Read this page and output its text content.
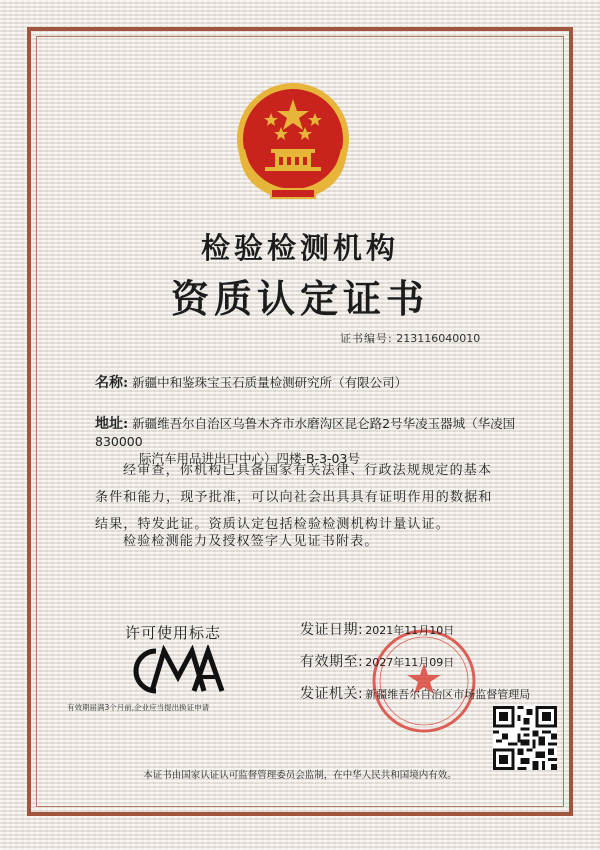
检验检测机构
资质认定证书
证书编号: 213116040010
名称: 新疆中和鉴珠宝玉石质量检测研究所（有限公司）
地址: 新疆维吾尔自治区乌鲁木齐市水磨沟区昆仑路2号华凌玉器城（华凌国 830000
际汽车用品进出口中心）四楼-B-3-03号
经审查，你机构已具备国家有关法律、行政法规规定的基本条件和能力，现予批准，可以向社会出具具有证明作用的数据和结果，特发此证。资质认定包括检验检测机构计量认证。
检验检测能力及授权签字人见证书附表。
许可使用标志
CMA
有效期届满3个月前,企业应当提出换证申请
发证日期: 2021年11月10日
有效期至: 2027年11月09日
发证机关: 新疆维吾尔自治区市场监督管理局
本证书由国家认证认可监督管理委员会监制，在中华人民共和国境内有效。
